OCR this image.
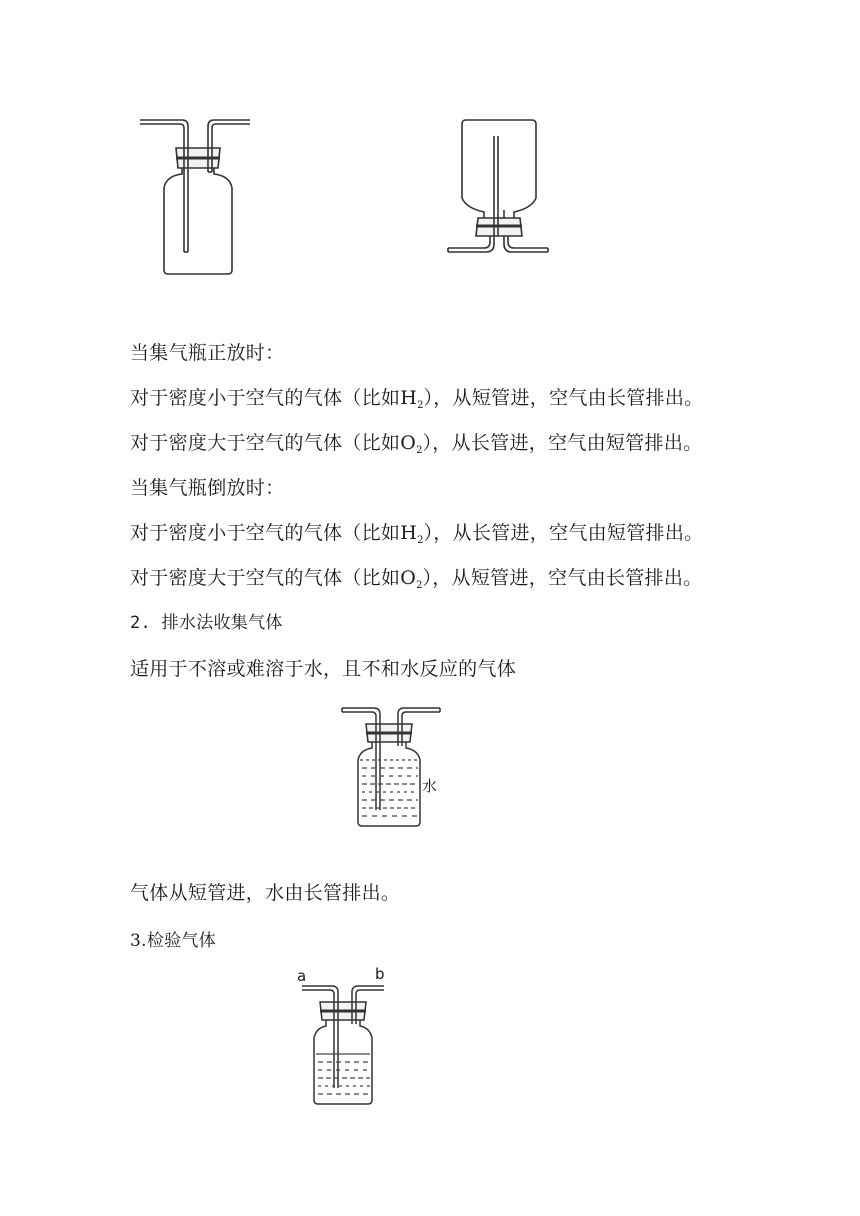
当集气瓶正放时：
对于密度小于空气的气体（比如$H_2$），从短管进，空气由长管排出。
对于密度大于空气的气体（比如$O_2$），从长管进，空气由短管排出。
当集气瓶倒放时：
对于密度小于空气的气体（比如$H_2$），从长管进，空气由短管排出。
对于密度大于空气的气体（比如$O_2$），从短管进，空气由长管排出。
2. 排水法收集气体
适用于不溶或难溶于水，且不和水反应的气体
水
气体从短管进，水由长管排出。
3.检验气体
a	b
